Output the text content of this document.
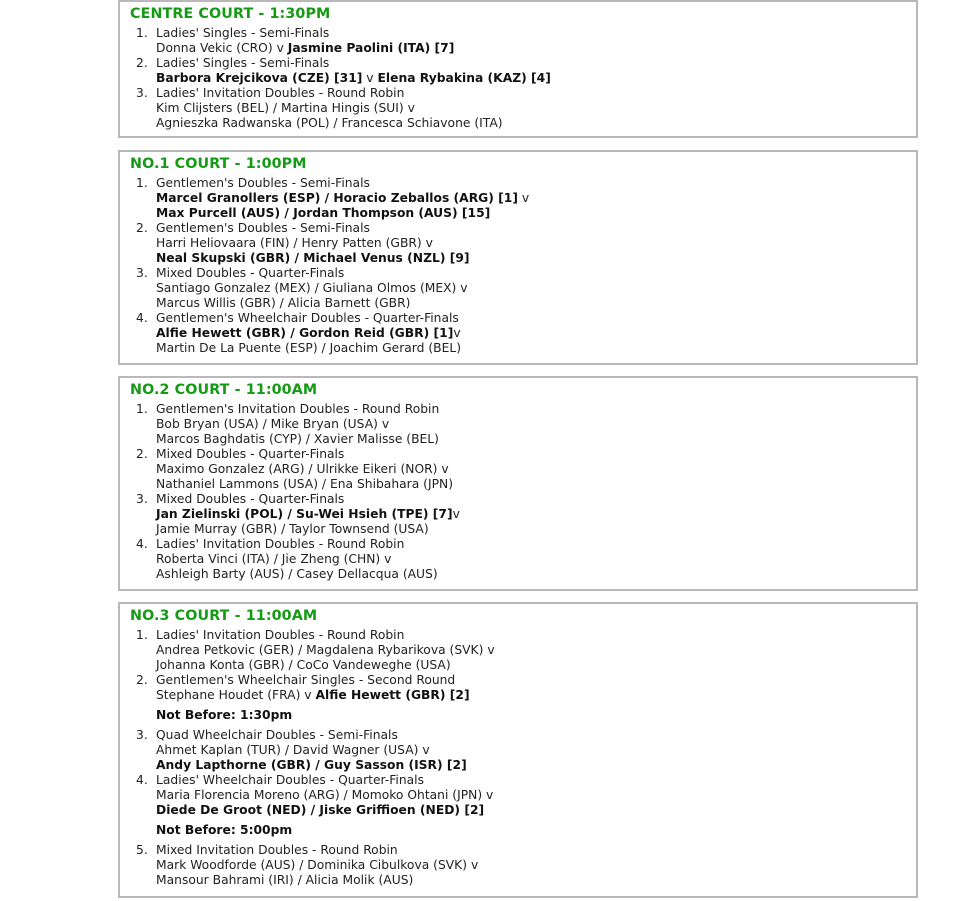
CENTRE COURT - 1:30PM
1. Ladies' Singles - Semi-Finals
Donna Vekic (CRO) v Jasmine Paolini (ITA) [7]
2. Ladies' Singles - Semi-Finals
Barbora Krejcikova (CZE) [31] v Elena Rybakina (KAZ) [4]
3. Ladies' Invitation Doubles - Round Robin
Kim Clijsters (BEL) / Martina Hingis (SUI) v
Agnieszka Radwanska (POL) / Francesca Schiavone (ITA)
NO.1 COURT - 1:00PM
1. Gentlemen's Doubles - Semi-Finals
Marcel Granollers (ESP) / Horacio Zeballos (ARG) [1] v
Max Purcell (AUS) / Jordan Thompson (AUS) [15]
2. Gentlemen's Doubles - Semi-Finals
Harri Heliovaara (FIN) / Henry Patten (GBR) v
Neal Skupski (GBR) / Michael Venus (NZL) [9]
3. Mixed Doubles - Quarter-Finals
Santiago Gonzalez (MEX) / Giuliana Olmos (MEX) v
Marcus Willis (GBR) / Alicia Barnett (GBR)
4. Gentlemen's Wheelchair Doubles - Quarter-Finals
Alfie Hewett (GBR) / Gordon Reid (GBR) [1]v
Martin De La Puente (ESP) / Joachim Gerard (BEL)
NO.2 COURT - 11:00AM
1. Gentlemen's Invitation Doubles - Round Robin
Bob Bryan (USA) / Mike Bryan (USA) v
Marcos Baghdatis (CYP) / Xavier Malisse (BEL)
2. Mixed Doubles - Quarter-Finals
Maximo Gonzalez (ARG) / Ulrikke Eikeri (NOR) v
Nathaniel Lammons (USA) / Ena Shibahara (JPN)
3. Mixed Doubles - Quarter-Finals
Jan Zielinski (POL) / Su-Wei Hsieh (TPE) [7]v
Jamie Murray (GBR) / Taylor Townsend (USA)
4. Ladies' Invitation Doubles - Round Robin
Roberta Vinci (ITA) / Jie Zheng (CHN) v
Ashleigh Barty (AUS) / Casey Dellacqua (AUS)
NO.3 COURT - 11:00AM
1. Ladies' Invitation Doubles - Round Robin
Andrea Petkovic (GER) / Magdalena Rybarikova (SVK) v
Johanna Konta (GBR) / CoCo Vandeweghe (USA)
2. Gentlemen's Wheelchair Singles - Second Round
Stephane Houdet (FRA) v Alfie Hewett (GBR) [2]
Not Before: 1:30pm
3. Quad Wheelchair Doubles - Semi-Finals
Ahmet Kaplan (TUR) / David Wagner (USA) v
Andy Lapthorne (GBR) / Guy Sasson (ISR) [2]
4. Ladies' Wheelchair Doubles - Quarter-Finals
Maria Florencia Moreno (ARG) / Momoko Ohtani (JPN) v
Diede De Groot (NED) / Jiske Griffioen (NED) [2]
Not Before: 5:00pm
5. Mixed Invitation Doubles - Round Robin
Mark Woodforde (AUS) / Dominika Cibulkova (SVK) v
Mansour Bahrami (IRI) / Alicia Molik (AUS)
